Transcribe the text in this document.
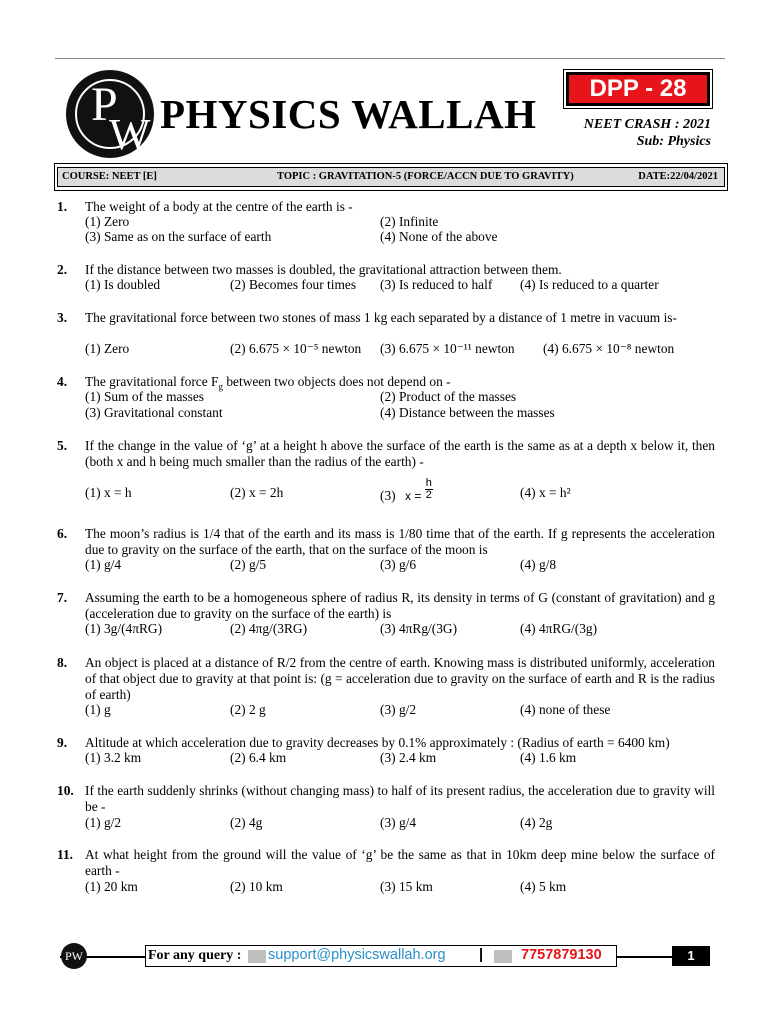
P
W PHYSICS WALLAH
DPP - 28
NEET CRASH : 2021
Sub: Physics
COURSE: NEET [E]	TOPIC : GRAVITATION-5 (FORCE/ACCN DUE TO GRAVITY)	DATE:22/04/2021
1. The weight of a body at the centre of the earth is -
(1) Zero	(2) Infinite
(3) Same as on the surface of earth	(4) None of the above
2. If the distance between two masses is doubled, the gravitational attraction between them.
(1) Is doubled	(2) Becomes four times (3) Is reduced to half (4) Is reduced to a quarter
3. The gravitational force between two stones of mass 1 kg each separated by a distance of 1 metre in vacuum is-
(1) Zero	(2) 6.675 × 10⁻⁵ newton (3) 6.675 × 10⁻¹¹ newton (4) 6.675 × 10⁻⁸ newton
4. The gravitational force $F_g$ between two objects does not depend on -
(1) Sum of the masses	(2) Product of the masses
(3) Gravitational constant	(4) Distance between the masses
5. If the change in the value of ‘g’ at a height h above the surface of the earth is the same as at a depth x below it, then (both x and h being much smaller than the radius of the earth) -
(1) x = h	(2) x = 2h	(3) $x = \frac{h}{2}$	(4) x = h²
6. The moon’s radius is 1/4 that of the earth and its mass is 1/80 time that of the earth. If g represents the acceleration due to gravity on the surface of the earth, that on the surface of the moon is
(1) g/4	(2) g/5	(3) g/6	(4) g/8
7. Assuming the earth to be a homogeneous sphere of radius R, its density in terms of G (constant of gravitation) and g (acceleration due to gravity on the surface of the earth) is
(1) 3g/(4πRG)	(2) 4πg/(3RG)	(3) 4πRg/(3G)	(4) 4πRG/(3g)
8. An object is placed at a distance of R/2 from the centre of earth. Knowing mass is distributed uniformly, acceleration of that object due to gravity at that point is: (g = acceleration due to gravity on the surface of earth and R is the radius of earth)
(1) g	(2) 2 g	(3) g/2	(4) none of these
9. Altitude at which acceleration due to gravity decreases by 0.1% approximately : (Radius of earth = 6400 km)
(1) 3.2 km	(2) 6.4 km	(3) 2.4 km	(4) 1.6 km
10. If the earth suddenly shrinks (without changing mass) to half of its present radius, the acceleration due to gravity will be -
(1) g/2	(2) 4g	(3) g/4	(4) 2g
11. At what height from the ground will the value of ‘g’ be the same as that in 10km deep mine below the surface of earth -
(1) 20 km	(2) 10 km	(3) 15 km	(4) 5 km
PW	For any query : support@physicswallah.org |	7757879130	1
